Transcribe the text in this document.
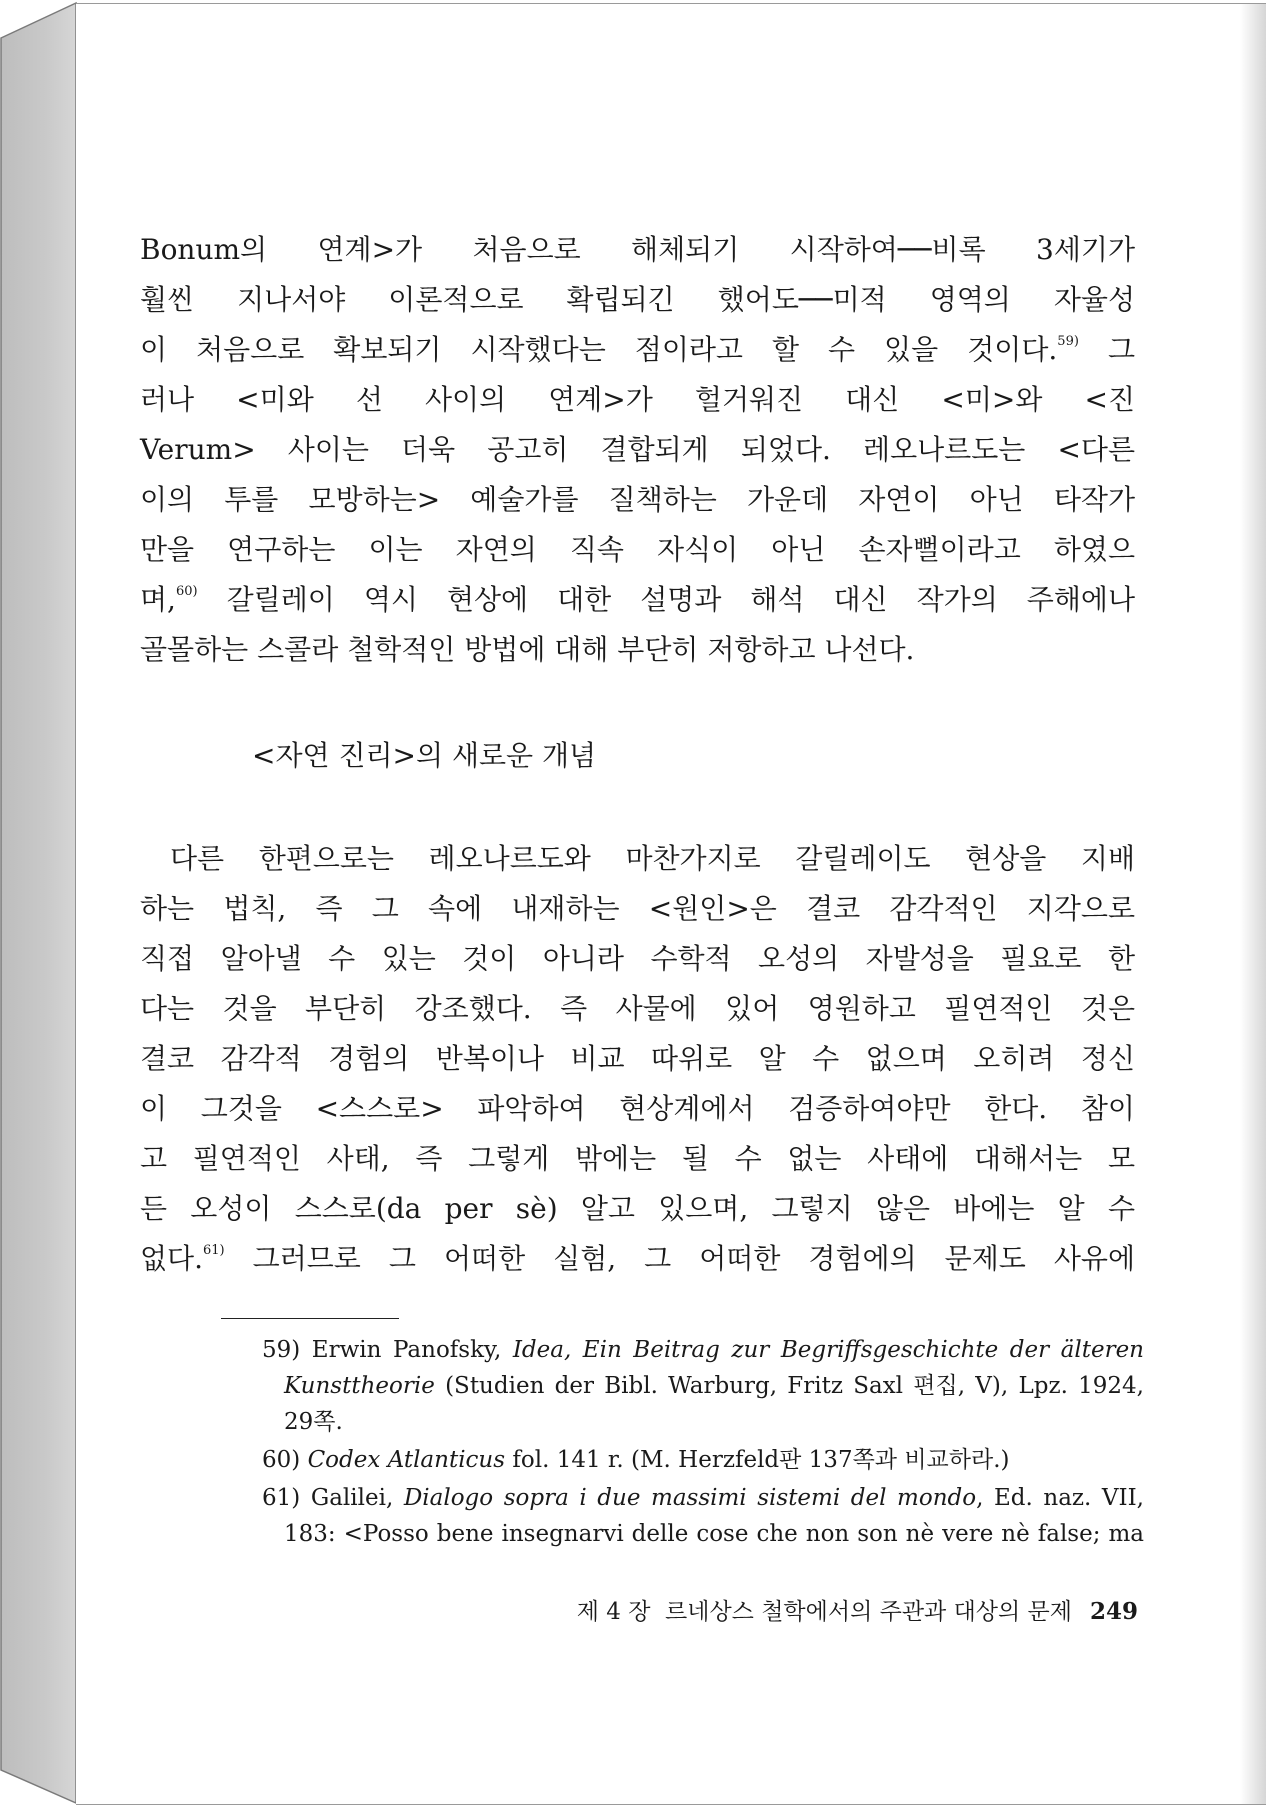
Bonum의 연계>가 처음으로 해체되기 시작하여──비록 3세기가
훨씬 지나서야 이론적으로 확립되긴 했어도──미적 영역의 자율성
이 처음으로 확보되기 시작했다는 점이라고 할 수 있을 것이다.$^{59)}$ 그
러나 <미와 선 사이의 연계>가 헐거워진 대신 <미>와 <진
Verum> 사이는 더욱 공고히 결합되게 되었다. 레오나르도는 <다른
이의 투를 모방하는> 예술가를 질책하는 가운데 자연이 아닌 타작가
만을 연구하는 이는 자연의 직속 자식이 아닌 손자뻘이라고 하였으
며,$^{60)}$ 갈릴레이 역시 현상에 대한 설명과 해석 대신 작가의 주해에나
골몰하는 스콜라 철학적인 방법에 대해 부단히 저항하고 나선다.
<자연 진리>의 새로운 개념
다른 한편으로는 레오나르도와 마찬가지로 갈릴레이도 현상을 지배
하는 법칙, 즉 그 속에 내재하는 <원인>은 결코 감각적인 지각으로
직접 알아낼 수 있는 것이 아니라 수학적 오성의 자발성을 필요로 한
다는 것을 부단히 강조했다. 즉 사물에 있어 영원하고 필연적인 것은
결코 감각적 경험의 반복이나 비교 따위로 알 수 없으며 오히려 정신
이 그것을 <스스로> 파악하여 현상계에서 검증하여야만 한다. 참이
고 필연적인 사태, 즉 그렇게 밖에는 될 수 없는 사태에 대해서는 모
든 오성이 스스로(da per sè) 알고 있으며, 그렇지 않은 바에는 알 수
없다.$^{61)}$ 그러므로 그 어떠한 실험, 그 어떠한 경험에의 문제도 사유에
59) Erwin Panofsky, Idea, Ein Beitrag zur Begriffsgeschichte der älteren
Kunsttheorie (Studien der Bibl. Warburg, Fritz Saxl 편집, V), Lpz. 1924,
29쪽.
60) Codex Atlanticus fol. 141 r. (M. Herzfeld판 137쪽과 비교하라.)
61) Galilei, Dialogo sopra i due massimi sistemi del mondo, Ed. naz. VII,
183: <Posso bene insegnarvi delle cose che non son nè vere nè false; ma
제 4 장  르네상스 철학에서의 주관과 대상의 문제 249
